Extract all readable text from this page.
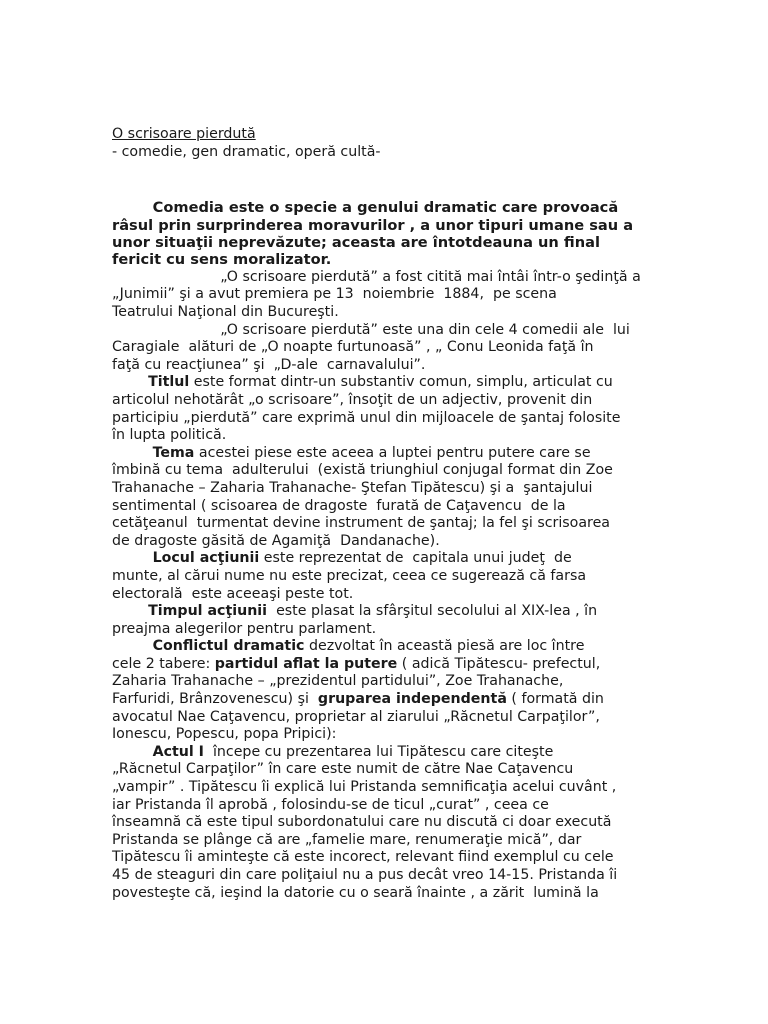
O scrisoare pierdută
- comedie, gen dramatic, operă cultă-
Comedia este o specie a genului dramatic care provoacă
râsul prin surprinderea moravurilor , a unor tipuri umane sau a
unor situaţii neprevăzute; aceasta are întotdeauna un final
fericit cu sens moralizator.
„O scrisoare pierdută” a fost citită mai întâi într-o şedinţă a
„Junimii” şi a avut premiera pe 13  noiembrie  1884,  pe scena
Teatrului Naţional din Bucureşti.
„O scrisoare pierdută” este una din cele 4 comedii ale  lui
Caragiale  alături de „O noapte furtunoasă” , „ Conu Leonida faţă în
faţă cu reacţiunea” şi  „D-ale  carnavalului”.
Titlul este format dintr-un substantiv comun, simplu, articulat cu
articolul nehotărât „o scrisoare”, însoţit de un adjectiv, provenit din
participiu „pierdută” care exprimă unul din mijloacele de şantaj folosite
în lupta politică.
Tema acestei piese este aceea a luptei pentru putere care se
îmbină cu tema  adulterului  (există triunghiul conjugal format din Zoe
Trahanache – Zaharia Trahanache- Ştefan Tipătescu) şi a  şantajului
sentimental ( scisoarea de dragoste  furată de Caţavencu  de la
cetăţeanul  turmentat devine instrument de şantaj; la fel şi scrisoarea
de dragoste găsită de Agamiţă  Dandanache).
Locul acţiunii este reprezentat de  capitala unui judeţ  de
munte, al cărui nume nu este precizat, ceea ce sugerează că farsa
electorală  este aceeaşi peste tot.
Timpul acţiunii  este plasat la sfârşitul secolului al XIX-lea , în
preajma alegerilor pentru parlament.
Conflictul dramatic dezvoltat în această piesă are loc între
cele 2 tabere: partidul aflat la putere ( adică Tipătescu- prefectul,
Zaharia Trahanache – „prezidentul partidului”, Zoe Trahanache,
Farfuridi, Brânzovenescu) şi  gruparea independentă ( formată din
avocatul Nae Caţavencu, proprietar al ziarului „Răcnetul Carpaţilor”,
Ionescu, Popescu, popa Pripici):
Actul I  începe cu prezentarea lui Tipătescu care citeşte
„Răcnetul Carpaţilor” în care este numit de către Nae Caţavencu
„vampir” . Tipătescu îi explică lui Pristanda semnificaţia acelui cuvânt ,
iar Pristanda îl aprobă , folosindu-se de ticul „curat” , ceea ce
înseamnă că este tipul subordonatului care nu discută ci doar execută
Pristanda se plânge că are „famelie mare, renumeraţie mică”, dar
Tipătescu îi aminteşte că este incorect, relevant fiind exemplul cu cele
45 de steaguri din care poliţaiul nu a pus decât vreo 14-15. Pristanda îi
povesteşte că, ieşind la datorie cu o seară înainte , a zărit  lumină la
